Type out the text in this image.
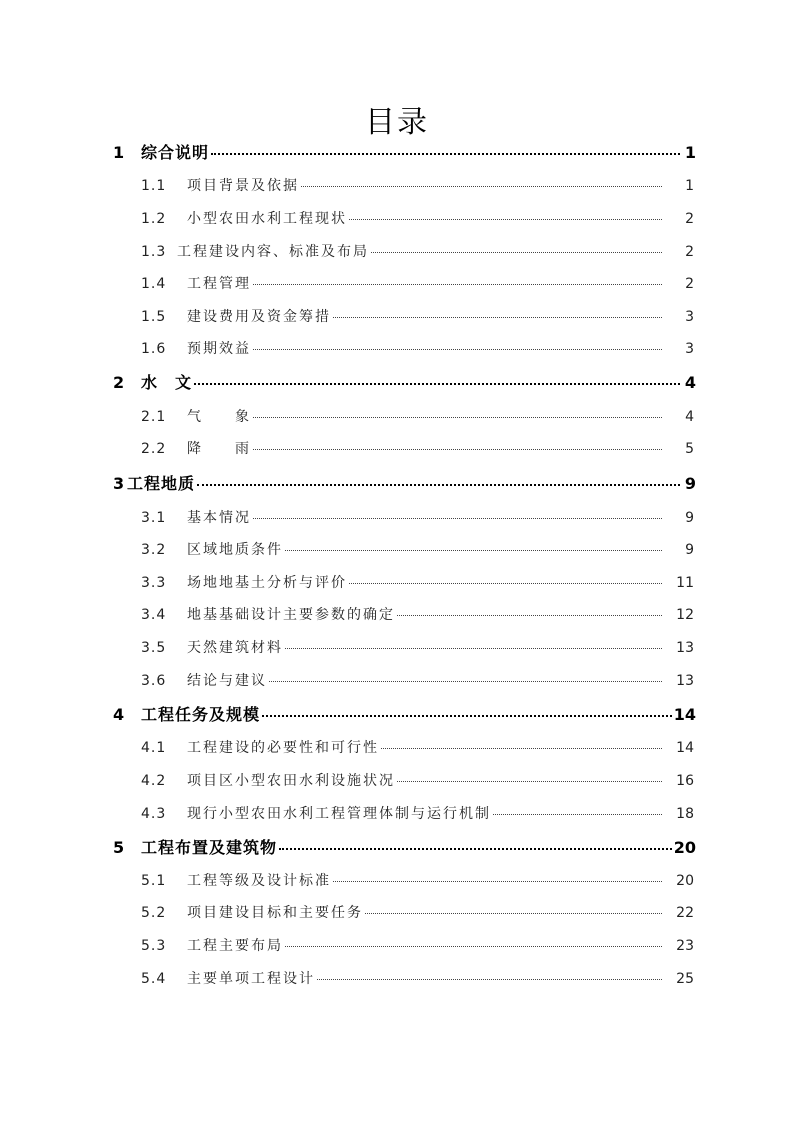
目录
1	综合说明	1
1.1	项目背景及依据	1
1.2	小型农田水利工程现状	2
1.3 工程建设内容、标准及布局	2
1.4	工程管理	2
1.5	建设费用及资金筹措	3
1.6	预期效益	3
2	水　文	4
2.1	气　　象	4
2.2	降　　雨	5
3 工程地质	9
3.1	基本情况	9
3.2	区域地质条件	9
3.3	场地地基土分析与评价	11
3.4	地基基础设计主要参数的确定	12
3.5	天然建筑材料	13
3.6	结论与建议	13
4	工程任务及规模	14
4.1	工程建设的必要性和可行性	14
4.2	项目区小型农田水利设施状况	16
4.3	现行小型农田水利工程管理体制与运行机制	18
5	工程布置及建筑物	20
5.1	工程等级及设计标准	20
5.2	项目建设目标和主要任务	22
5.3	工程主要布局	23
5.4	主要单项工程设计	25
